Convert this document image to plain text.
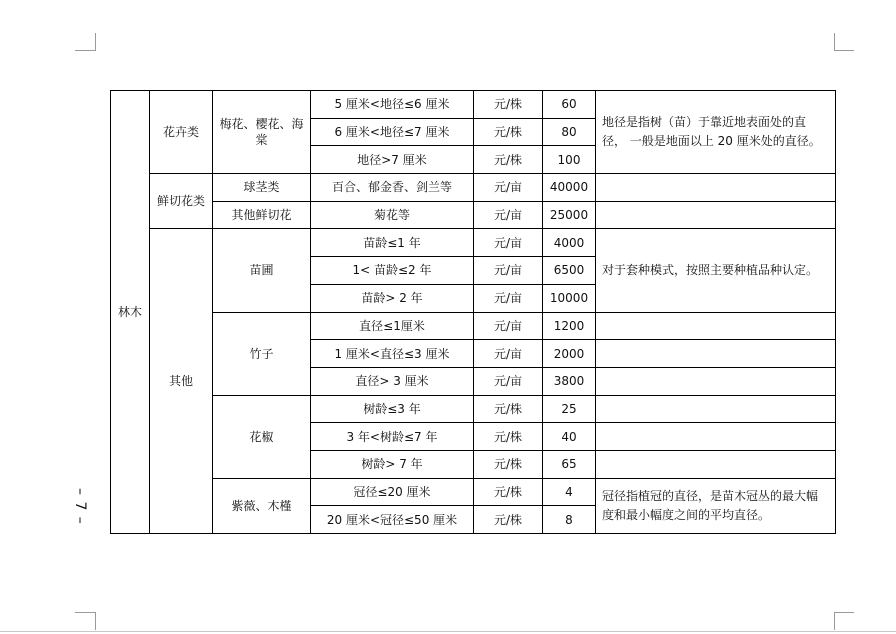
– 7 –
林木	花卉类	梅花、樱花、海棠	5 厘米<地径≤6 厘米	元/株	60	地径是指树（苗）于靠近地表面处的直径， 一般是地面以上 20 厘米处的直径。
			6 厘米<地径≤7 厘米	元/株	80	
			地径>7 厘米	元/株	100	
	鲜切花类	球茎类	百合、郁金香、剑兰等	元/亩	40000	
		其他鲜切花	菊花等	元/亩	25000	
	其他	苗圃	苗龄≤1 年	元/亩	4000	对于套种模式，按照主要种植品种认定。
			1< 苗龄≤2 年	元/亩	6500	
			苗龄> 2 年	元/亩	10000	
		竹子	直径≤1厘米	元/亩	1200	
			1 厘米<直径≤3 厘米	元/亩	2000	
			直径> 3 厘米	元/亩	3800	
		花椒	树龄≤3 年	元/株	25	
			3 年<树龄≤7 年	元/株	40	
			树龄> 7 年	元/株	65	
		紫薇、木槿	冠径≤20 厘米	元/株	4	冠径指植冠的直径，是苗木冠丛的最大幅 度和最小幅度之间的平均直径。
			20 厘米<冠径≤50 厘米	元/株	8	
